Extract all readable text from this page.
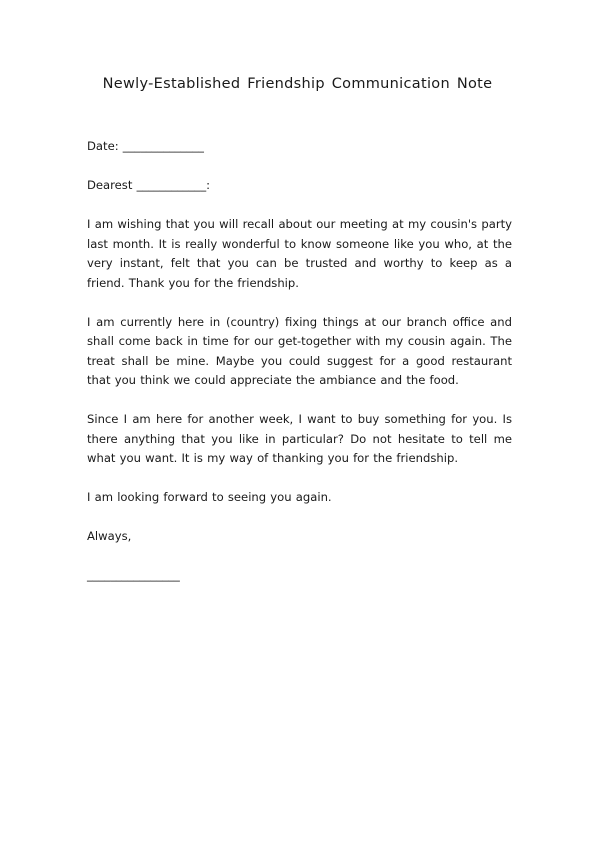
Newly-Established Friendship Communication Note

Date: ______________

Dearest ____________:

I am wishing that you will recall about our meeting at my cousin's party last month. It is really wonderful to know someone like you who, at the very instant, felt that you can be trusted and worthy to keep as a friend. Thank you for the friendship.

I am currently here in (country) fixing things at our branch office and shall come back in time for our get-together with my cousin again. The treat shall be mine. Maybe you could suggest for a good restaurant that you think we could appreciate the ambiance and the food.

Since I am here for another week, I want to buy something for you. Is there anything that you like in particular? Do not hesitate to tell me what you want. It is my way of thanking you for the friendship.

I am looking forward to seeing you again.

Always,

________________
